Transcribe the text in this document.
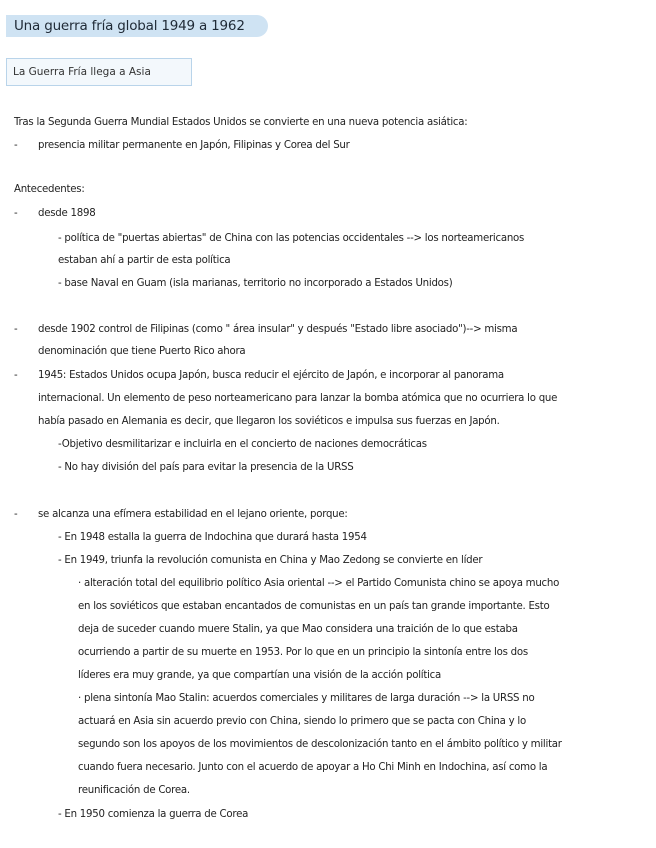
Una guerra fría global 1949 a 1962
La Guerra Fría llega a Asia
Tras la Segunda Guerra Mundial Estados Unidos se convierte en una nueva potencia asiática:
- presencia militar permanente en Japón, Filipinas y Corea del Sur
Antecedentes:
- desde 1898
- política de "puertas abiertas" de China con las potencias occidentales --> los norteamericanos
estaban ahí a partir de esta política
- base Naval en Guam (isla marianas, territorio no incorporado a Estados Unidos)
- desde 1902 control de Filipinas (como " área insular" y después "Estado libre asociado")--> misma
denominación que tiene Puerto Rico ahora
- 1945: Estados Unidos ocupa Japón, busca reducir el ejército de Japón, e incorporar al panorama
internacional. Un elemento de peso norteamericano para lanzar la bomba atómica que no ocurriera lo que
había pasado en Alemania es decir, que llegaron los soviéticos e impulsa sus fuerzas en Japón.
-Objetivo desmilitarizar e incluirla en el concierto de naciones democráticas
- No hay división del país para evitar la presencia de la URSS
- se alcanza una efímera estabilidad en el lejano oriente, porque:
- En 1948 estalla la guerra de Indochina que durará hasta 1954
- En 1949, triunfa la revolución comunista en China y Mao Zedong se convierte en líder
· alteración total del equilibrio político Asia oriental --> el Partido Comunista chino se apoya mucho
en los soviéticos que estaban encantados de comunistas en un país tan grande importante. Esto
deja de suceder cuando muere Stalin, ya que Mao considera una traición de lo que estaba
ocurriendo a partir de su muerte en 1953. Por lo que en un principio la sintonía entre los dos
líderes era muy grande, ya que compartían una visión de la acción política
· plena sintonía Mao Stalin: acuerdos comerciales y militares de larga duración --> la URSS no
actuará en Asia sin acuerdo previo con China, siendo lo primero que se pacta con China y lo
segundo son los apoyos de los movimientos de descolonización tanto en el ámbito político y militar
cuando fuera necesario. Junto con el acuerdo de apoyar a Ho Chi Minh en Indochina, así como la
reunificación de Corea.
- En 1950 comienza la guerra de Corea
